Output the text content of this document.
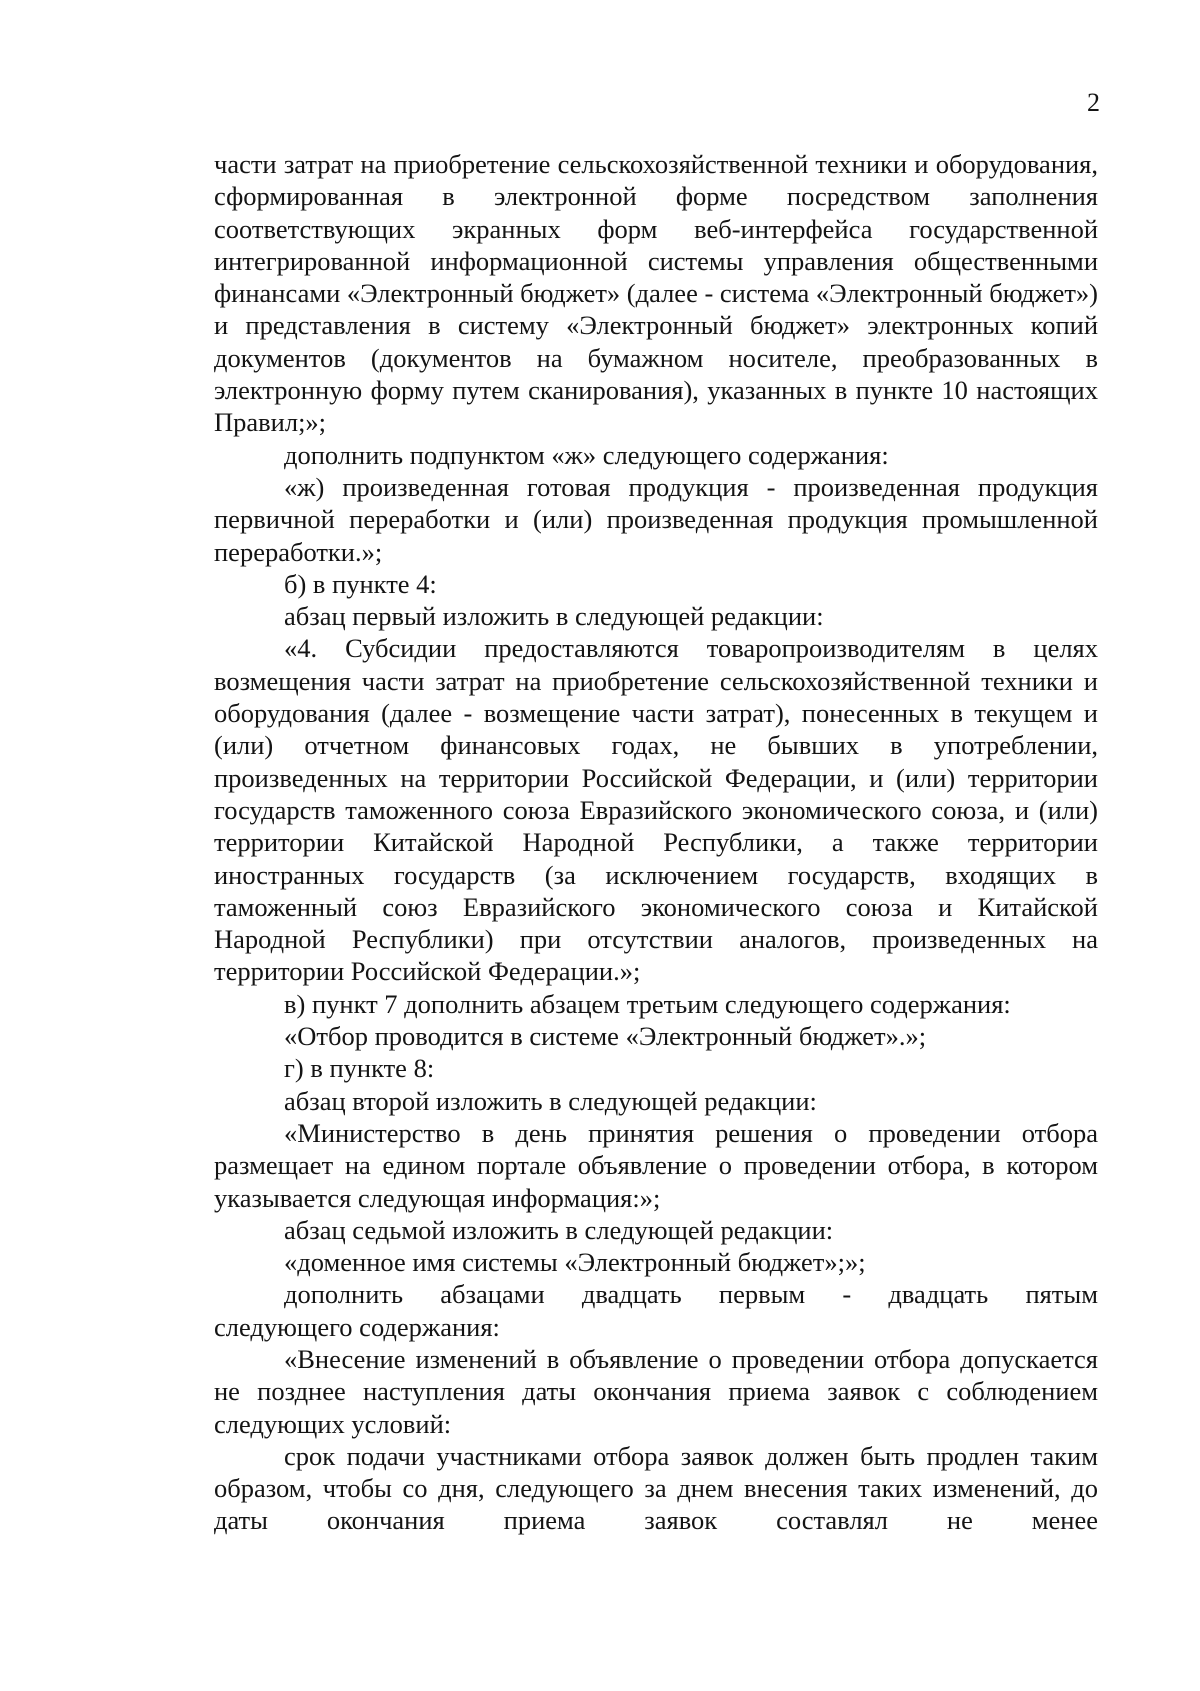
2

части затрат на приобретение сельскохозяйственной техники и оборудования, сформированная в электронной форме посредством заполнения соответствующих экранных форм веб-интерфейса государственной интегрированной информационной системы управления общественными финансами «Электронный бюджет» (далее - система «Электронный бюджет») и представления в систему «Электронный бюджет» электронных копий документов (документов на бумажном носителе, преобразованных в электронную форму путем сканирования), указанных в пункте 10 настоящих Правил;»;

дополнить подпунктом «ж» следующего содержания:

«ж) произведенная готовая продукция - произведенная продукция первичной переработки и (или) произведенная продукция промышленной переработки.»;

б) в пункте 4:

абзац первый изложить в следующей редакции:

«4. Субсидии предоставляются товаропроизводителям в целях возмещения части затрат на приобретение сельскохозяйственной техники и оборудования (далее - возмещение части затрат), понесенных в текущем и (или) отчетном финансовых годах, не бывших в употреблении, произведенных на территории Российской Федерации, и (или) территории государств таможенного союза Евразийского экономического союза, и (или) территории Китайской Народной Республики, а также территории иностранных государств (за исключением государств, входящих в таможенный союз Евразийского экономического союза и Китайской Народной Республики) при отсутствии аналогов, произведенных на территории Российской Федерации.»;

в) пункт 7 дополнить абзацем третьим следующего содержания:

«Отбор проводится в системе «Электронный бюджет».»;

г) в пункте 8:

абзац второй изложить в следующей редакции:

«Министерство в день принятия решения о проведении отбора размещает на едином портале объявление о проведении отбора, в котором указывается следующая информация:»;

абзац седьмой изложить в следующей редакции:

«доменное имя системы «Электронный бюджет»;»;

дополнить абзацами двадцать первым - двадцать пятым

следующего содержания:

«Внесение изменений в объявление о проведении отбора допускается не позднее наступления даты окончания приема заявок с соблюдением следующих условий:

срок подачи участниками отбора заявок должен быть продлен таким образом, чтобы со дня, следующего за днем внесения таких изменений, до даты окончания приема заявок составлял не менее
